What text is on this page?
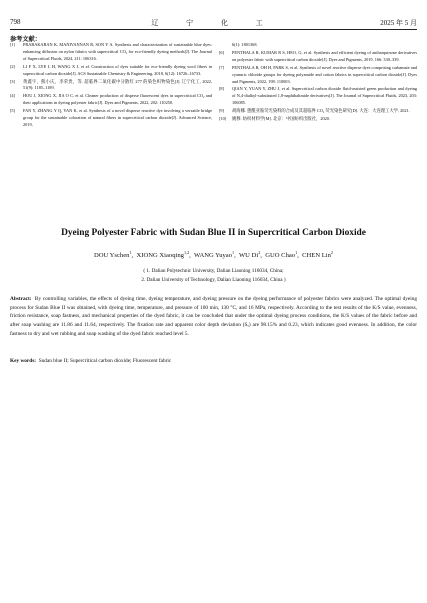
798	辽 宁 化 工	2025 年 5 月
参考文献：
[1] PRABAKARAN K, MANIVANNAN R, SON Y A. Synthesis and characterization of sustainable blue dyes: enhancing diffusion on nylon fabrics with supercritical CO₂ for eco-friendly dyeing methods[J]. The Journal of Supercritical Fluids, 2024, 211: 106316.
[2] LI F X, LYE L H, WANG X J, et al. Construction of dyes suitable for eco-friendly dyeing wool fibers in supercritical carbon dioxide[J]. ACS Sustainable Chemistry & Engineering, 2018, 6(12): 16726–16733.
[3] 黄鑫宇，熊小庆，李荣贵，等. 超临界二氧化碳中分散红 277 的染色织物染色[J]. 辽宁化工, 2022, 51(9): 1185–1189.
[4] HOU J, XIONG X, JIA O C, et al. Cleaner production of disperse fluorescent dyes in supercritical CO₂ and their applications in dyeing polyester fabric[J]. Dyes and Pigments, 2022, 202: 110250.
[5] FAN Y, ZHANG Y Q, YAN K, et al. Synthesis of a novel disperse reactive dye involving a versatile bridge group for the sustainable coloration of natural fibers in supercritical carbon dioxide[J]. Advanced Science, 2019,
6(1): 1801368.
[6] PENTHALA R, KUMAR R S, HEO, G, et al. Synthesis and efficient dyeing of anthraquinone derivatives on polyester fabric with supercritical carbon dioxide[J]. Dyes and Pigments, 2019, 166: 330–339.
[7] PENTHALA R, OH H, PARK S, et al. Synthesis of novel reactive disperse dyes comprising carbamate and cyanuric chloride groups for dyeing polyamide and cotton fabrics in supercritical carbon dioxide[J]. Dyes and Pigments, 2022, 198: 110003.
[8] QIAN Y, YUAN Y, ZHU J, et al. Supercritical carbon dioxide fluid-assisted green production and dyeing of N,4-dialkyl-substituted 1,8-naphthalimide derivatives[J]. The Journal of Supercritical Fluids, 2023, 203: 106085.
[9] 胡海娜. 蒽酰亚胺荧光染料的合成及其超临界 CO₂ 荧光染色研究[D]. 大连：大连理工大学, 2021.
[10] 姚穆. 纺织材料学[M]. 北京：中国纺织出版社，2020.
Dyeing Polyester Fabric with Sudan Blue II in Supercritical Carbon Dioxide
DOU Yschen$^1$,  XIONG Xiaoqing$^{1,2}$,  WANG Yuyao$^1$,  WU Di$^2$,  GUO Chao$^1$,  CHEN Lin$^2$
( 1. Dalian Polytechnic University, Dalian Liaoning 116034, China;
2. Dalian University of Technology, Dalian Liaoning 116034, China )
Abstract: By controlling variables, the effects of dyeing time, dyeing temperature, and dyeing pressure on the dyeing performance of polyester fabrics were analyzed. The optimal dyeing process for Sudan Blue II was obtained, with dyeing time, temperature, and pressure of 100 min, 130 °C, and 16 MPa, respectively. According to the test results of the K/S value, evenness, friction resistance, soap fastness, and mechanical properties of the dyed fabric, it can be concluded that under the optimal dyeing process conditions, the K/S values of the fabric before and after soap washing are 11.86 and 11.64, respectively. The fixation rate and apparent color depth deviation (Sₐ) are 98.15% and 0.23, which indicates good evenness. In addition, the color fastness to dry and wet rubbing and soap washing of the dyed fabric reached level 5.
Key words: Sudan blue II; Supercritical carbon dioxide; Fluorescent fabric
